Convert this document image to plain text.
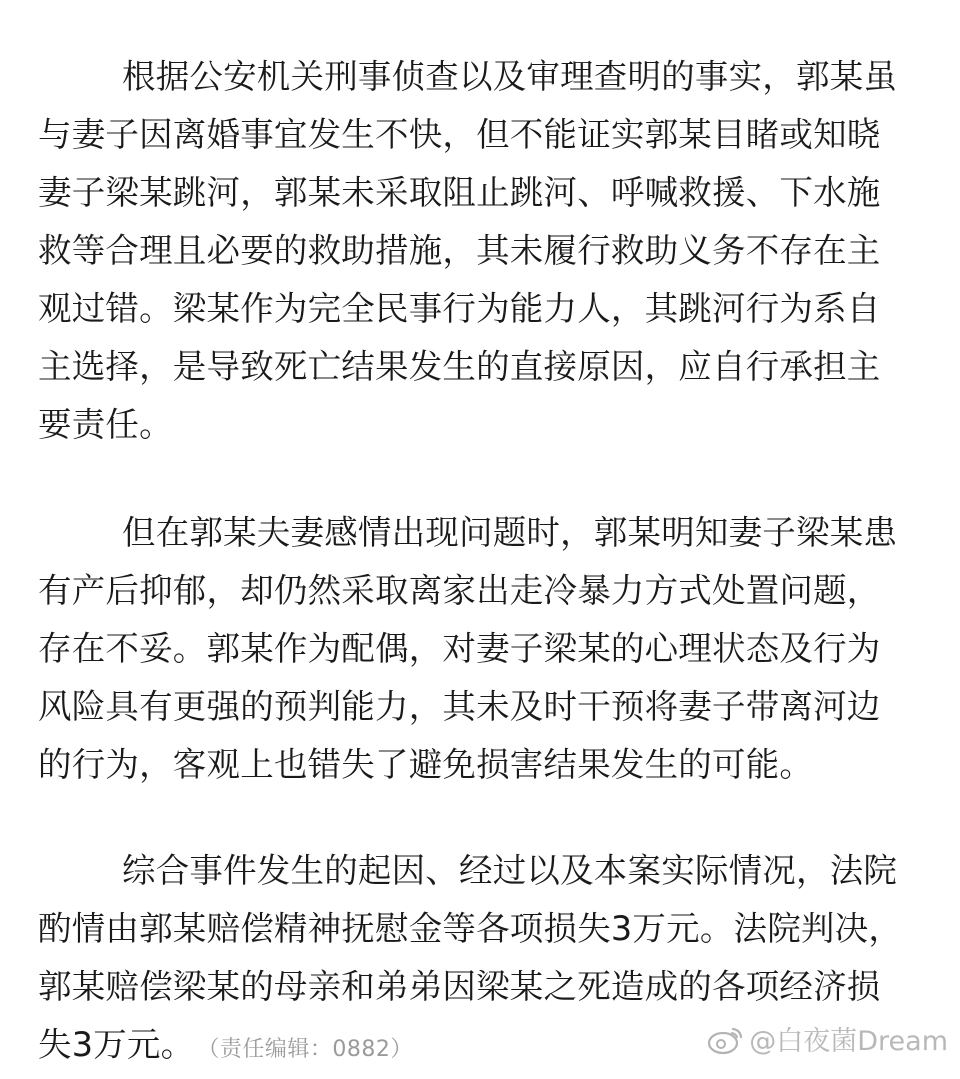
根据公安机关刑事侦查以及审理查明的事实，郭某虽
与妻子因离婚事宜发生不快，但不能证实郭某目睹或知晓
妻子梁某跳河，郭某未采取阻止跳河、呼喊救援、下水施
救等合理且必要的救助措施，其未履行救助义务不存在主
观过错。梁某作为完全民事行为能力人，其跳河行为系自
主选择，是导致死亡结果发生的直接原因，应自行承担主
要责任。

但在郭某夫妻感情出现问题时，郭某明知妻子梁某患
有产后抑郁，却仍然采取离家出走冷暴力方式处置问题，
存在不妥。郭某作为配偶，对妻子梁某的心理状态及行为
风险具有更强的预判能力，其未及时干预将妻子带离河边
的行为，客观上也错失了避免损害结果发生的可能。

综合事件发生的起因、经过以及本案实际情况，法院
酌情由郭某赔偿精神抚慰金等各项损失3万元。法院判决，
郭某赔偿梁某的母亲和弟弟因梁某之死造成的各项经济损
失3万元。 （责任编辑：0882）	@白夜菌Dream
